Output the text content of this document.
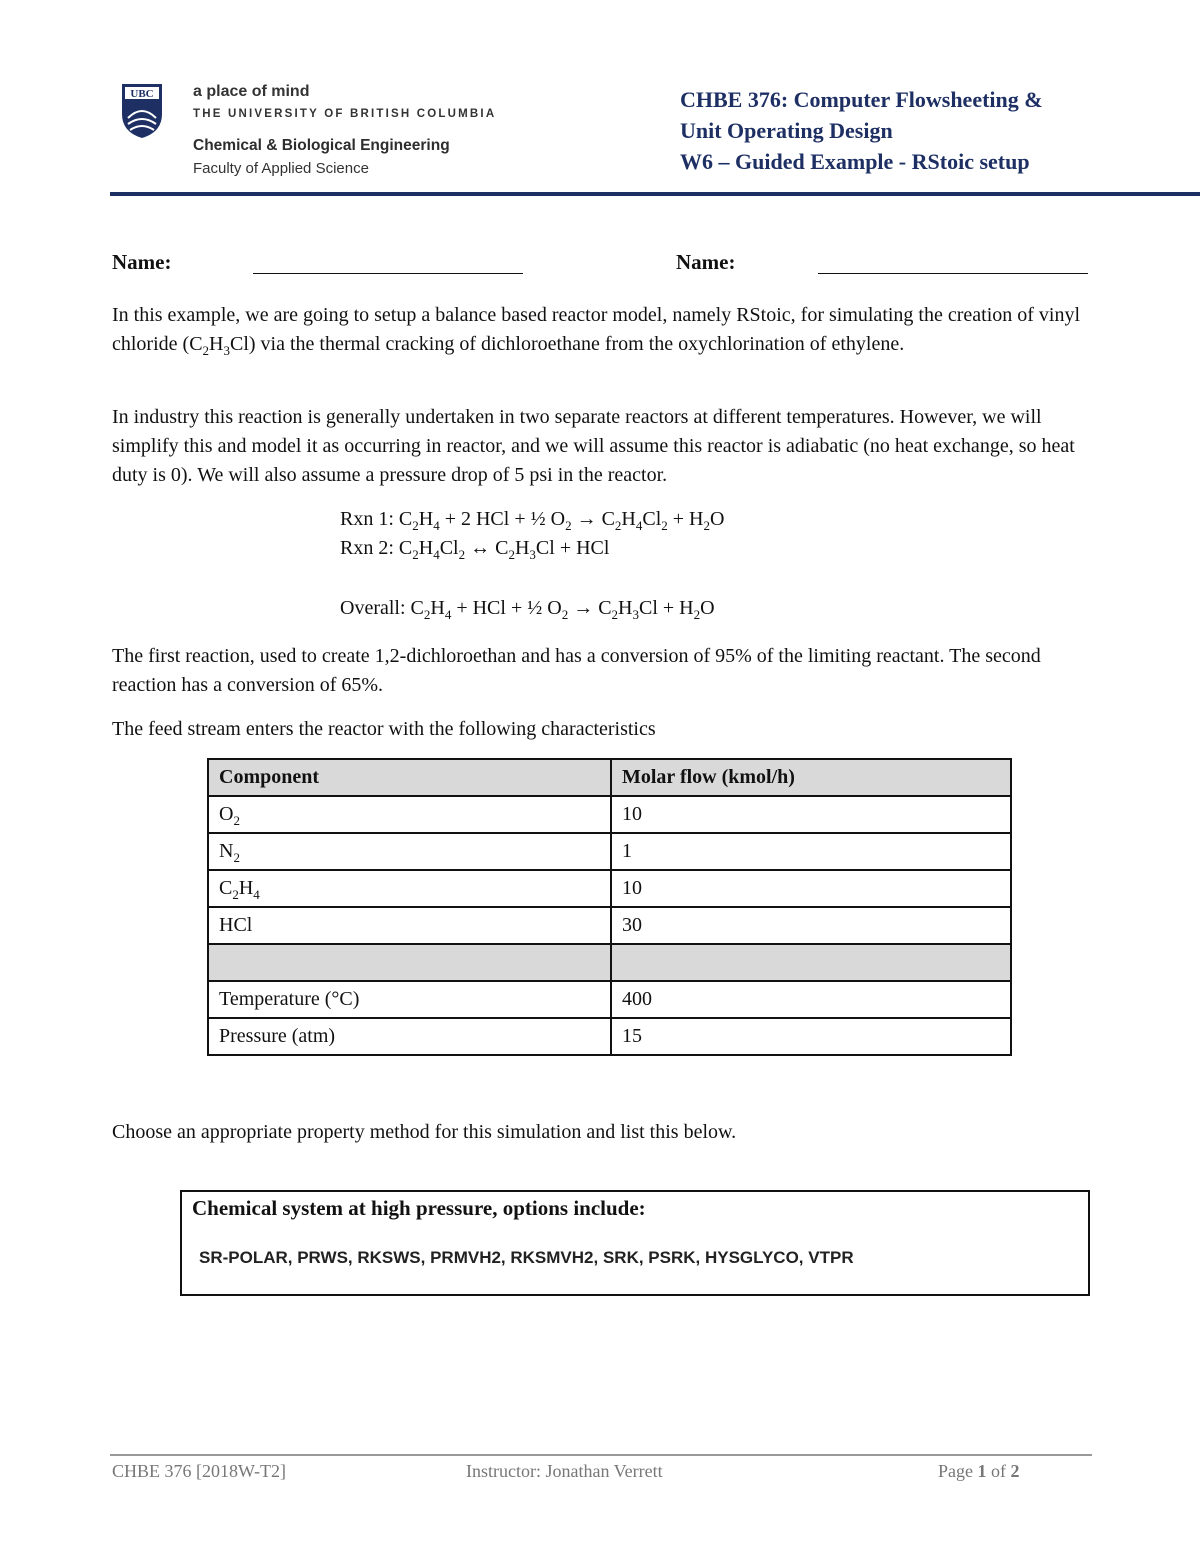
UBC a place of mind
THE UNIVERSITY OF BRITISH COLUMBIA
Chemical & Biological Engineering
Faculty of Applied Science
CHBE 376: Computer Flowsheeting &
Unit Operating Design
W6 – Guided Example - RStoic setup
Name:	Name:

In this example, we are going to setup a balance based reactor model, namely RStoic, for simulating the creation of vinyl chloride $(C_2H_3Cl)$ via the thermal cracking of dichloroethane from the oxychlorination of ethylene.

In industry this reaction is generally undertaken in two separate reactors at different temperatures. However, we will simplify this and model it as occurring in reactor, and we will assume this reactor is adiabatic (no heat exchange, so heat duty is 0). We will also assume a pressure drop of 5 psi in the reactor.

Rxn 1: $C_2H_4 + 2$ HCl + ½ $O_2 \to C_2H_4Cl_2 + H_2O$
Rxn 2: $C_2H_4Cl_2$ ↔ $C_2H_3Cl$ + HCl
Overall: $C_2H_4$ + HCl + ½ $O_2 \to C_2H_3Cl + H_2O$

The first reaction, used to create 1,2-dichloroethan and has a conversion of 95% of the limiting reactant. The second reaction has a conversion of 65%.

The feed stream enters the reactor with the following characteristics

Component	Molar flow (kmol/h)
$O_2$	10
$N_2$	1
$C_2H_4$	10
HCl	30

Temperature (°C)	400
Pressure (atm)	15

Choose an appropriate property method for this simulation and list this below.

Chemical system at high pressure, options include:
SR-POLAR, PRWS, RKSWS, PRMVH2, RKSMVH2, SRK, PSRK, HYSGLYCO, VTPR
CHBE 376 [2018W-T2]	Instructor: Jonathan Verrett	Page 1 of 2
